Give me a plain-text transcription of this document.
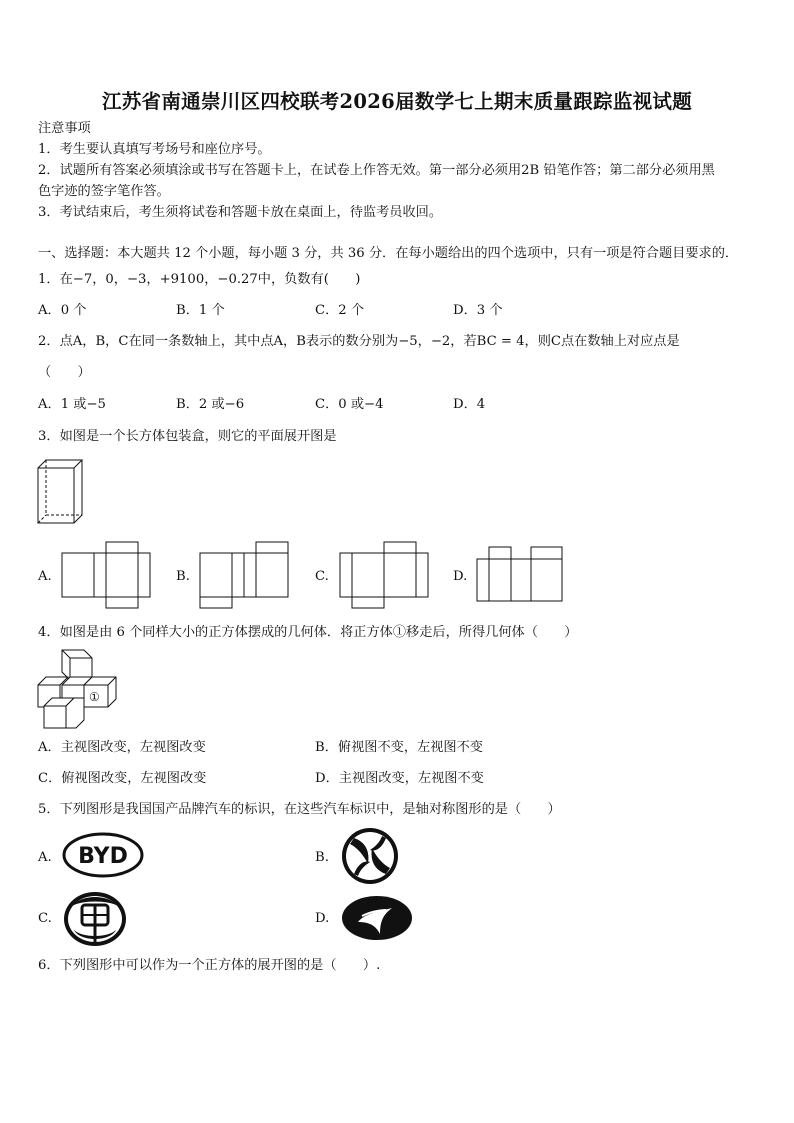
江苏省南通崇川区四校联考2026届数学七上期末质量跟踪监视试题
注意事项
1．考生要认真填写考场号和座位序号。
2．试题所有答案必须填涂或书写在答题卡上，在试卷上作答无效。第一部分必须用2B 铅笔作答；第二部分必须用黑
色字迹的签字笔作答。
3．考试结束后，考生须将试卷和答题卡放在桌面上，待监考员收回。
一、选择题：本大题共 12 个小题，每小题 3 分，共 36 分．在每小题给出的四个选项中，只有一项是符合题目要求的．
1．在−7，0，−3，+9100，−0.27中，负数有(　　)
A．0 个	B．1 个	C．2 个	D．3 个
2．点A，B，C在同一条数轴上，其中点A，B表示的数分别为−5，−2，若BC = 4，则C点在数轴上对应点是
（　　）
A．1 或−5	B．2 或−6	C．0 或−4	D．4
3．如图是一个长方体包装盒，则它的平面展开图是
A.	B.	C.	D.
4．如图是由 6 个同样大小的正方体摆成的几何体．将正方体①移走后，所得几何体（　　）
①
A．主视图改变，左视图改变	B．俯视图不变，左视图不变
C．俯视图改变，左视图改变	D．主视图改变，左视图不变
5．下列图形是我国国产品牌汽车的标识，在这些汽车标识中，是轴对称图形的是（　　）
A. BYD	B.
C.	D.
6．下列图形中可以作为一个正方体的展开图的是（　　）.
